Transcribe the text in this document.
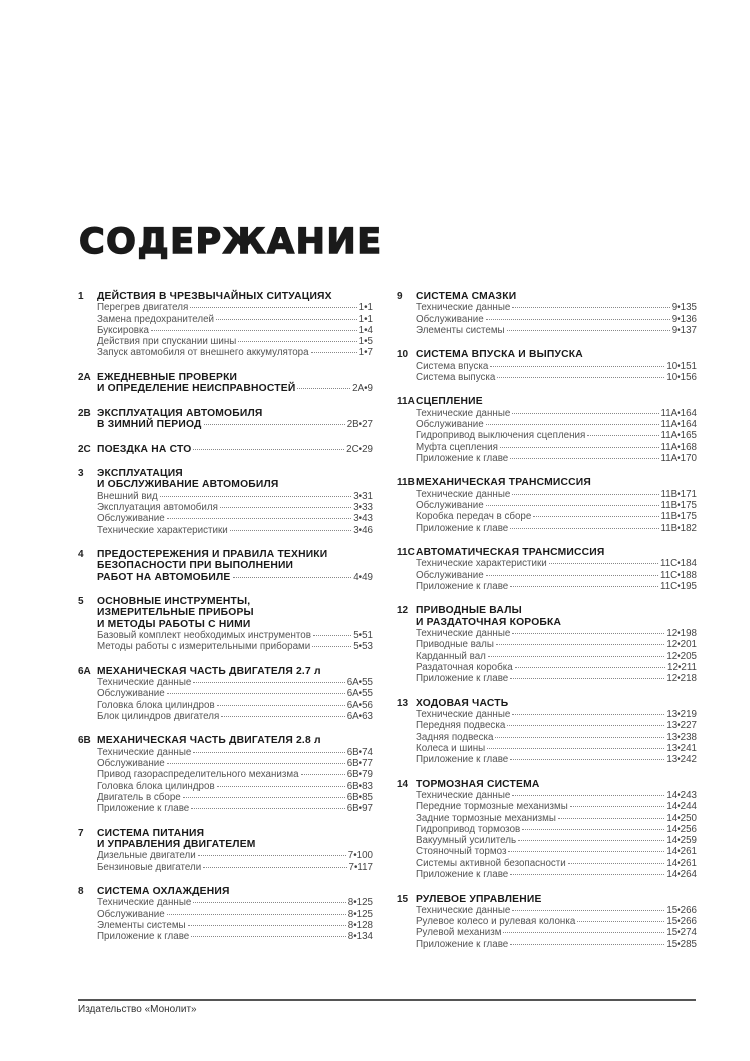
СОДЕРЖАНИЕ
1	ДЕЙСТВИЯ В ЧРЕЗВЫЧАЙНЫХ СИТУАЦИЯХ
Перегрев двигателя	1•1
Замена предохранителей	1•1
Буксировка	1•4
Действия при спускании шины	1•5
Запуск автомобиля от внешнего аккумулятора	1•7
2A ЕЖЕДНЕВНЫЕ ПРОВЕРКИ
И ОПРЕДЕЛЕНИЕ НЕИСПРАВНОСТЕЙ	2A•9
2B ЭКСПЛУАТАЦИЯ АВТОМОБИЛЯ
В ЗИМНИЙ ПЕРИОД	2B•27
2C ПОЕЗДКА НА СТО	2C•29
3	ЭКСПЛУАТАЦИЯ
И ОБСЛУЖИВАНИЕ АВТОМОБИЛЯ
Внешний вид	3•31
Эксплуатация автомобиля	3•33
Обслуживание	3•43
Технические характеристики	3•46
4	ПРЕДОСТЕРЕЖЕНИЯ И ПРАВИЛА ТЕХНИКИ
БЕЗОПАСНОСТИ ПРИ ВЫПОЛНЕНИИ
РАБОТ НА АВТОМОБИЛЕ	4•49
5	ОСНОВНЫЕ ИНСТРУМЕНТЫ,
ИЗМЕРИТЕЛЬНЫЕ ПРИБОРЫ
И МЕТОДЫ РАБОТЫ С НИМИ
Базовый комплект необходимых инструментов	5•51
Методы работы с измерительными приборами	5•53
6A МЕХАНИЧЕСКАЯ ЧАСТЬ ДВИГАТЕЛЯ 2.7 л
Технические данные	6A•55
Обслуживание	6A•55
Головка блока цилиндров	6A•56
Блок цилиндров двигателя	6A•63
6B МЕХАНИЧЕСКАЯ ЧАСТЬ ДВИГАТЕЛЯ 2.8 л
Технические данные	6B•74
Обслуживание	6B•77
Привод газораспределительного механизма	6B•79
Головка блока цилиндров	6B•83
Двигатель в сборе	6B•85
Приложение к главе	6B•97
7	СИСТЕМА ПИТАНИЯ
И УПРАВЛЕНИЯ ДВИГАТЕЛЕМ
Дизельные двигатели	7•100
Бензиновые двигатели	7•117
8	СИСТЕМА ОХЛАЖДЕНИЯ
Технические данные	8•125
Обслуживание	8•125
Элементы системы	8•128
Приложение к главе	8•134
9	СИСТЕМА СМАЗКИ
Технические данные	9•135
Обслуживание	9•136
Элементы системы	9•137
10 СИСТЕМА ВПУСКА И ВЫПУСКА
Система впуска	10•151
Система выпуска	10•156
11A СЦЕПЛЕНИЕ
Технические данные	11A•164
Обслуживание	11A•164
Гидропривод выключения сцепления	11A•165
Муфта сцепления	11A•168
Приложение к главе	11A•170
11B МЕХАНИЧЕСКАЯ ТРАНСМИССИЯ
Технические данные	11B•171
Обслуживание	11B•175
Коробка передач в сборе	11B•175
Приложение к главе	11B•182
11C АВТОМАТИЧЕСКАЯ ТРАНСМИССИЯ
Технические характеристики	11C•184
Обслуживание	11C•188
Приложение к главе	11C•195
12 ПРИВОДНЫЕ ВАЛЫ
И РАЗДАТОЧНАЯ КОРОБКА
Технические данные	12•198
Приводные валы	12•201
Карданный вал	12•205
Раздаточная коробка	12•211
Приложение к главе	12•218
13 ХОДОВАЯ ЧАСТЬ
Технические данные	13•219
Передняя подвеска	13•227
Задняя подвеска	13•238
Колеса и шины	13•241
Приложение к главе	13•242
14 ТОРМОЗНАЯ СИСТЕМА
Технические данные	14•243
Передние тормозные механизмы	14•244
Задние тормозные механизмы	14•250
Гидропривод тормозов	14•256
Вакуумный усилитель	14•259
Стояночный тормоз	14•261
Системы активной безопасности	14•261
Приложение к главе	14•264
15 РУЛЕВОЕ УПРАВЛЕНИЕ
Технические данные	15•266
Рулевое колесо и рулевая колонка	15•266
Рулевой механизм	15•274
Приложение к главе	15•285
Издательство «Монолит»
